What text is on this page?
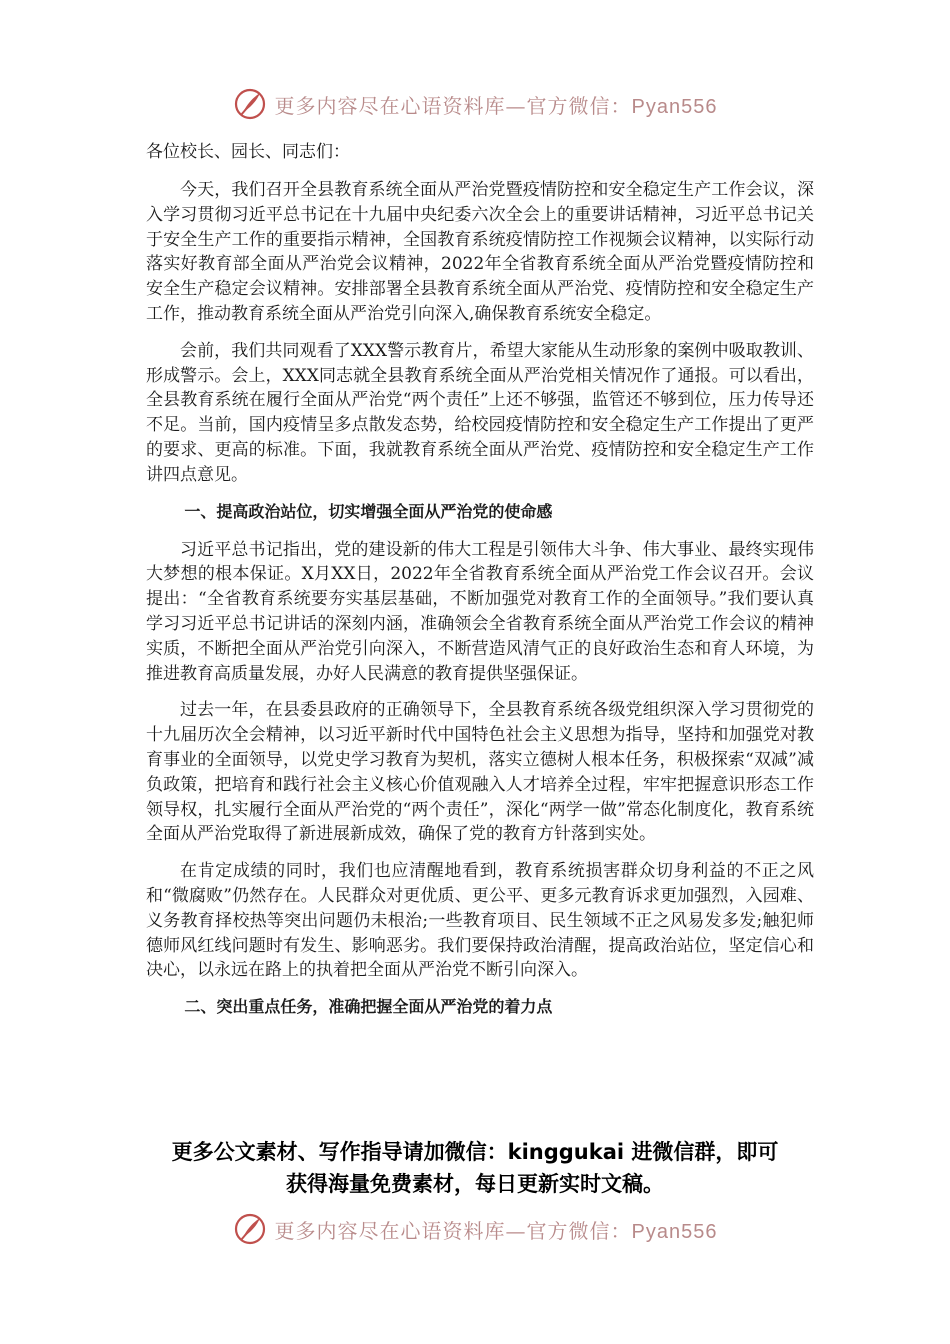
更多内容尽在心语资料库—官方微信：Pyan556
各位校长、园长、同志们：

今天，我们召开全县教育系统全面从严治党暨疫情防控和安全稳定生产工作会议，深入学习贯彻习近平总书记在十九届中央纪委六次全会上的重要讲话精神，习近平总书记关于安全生产工作的重要指示精神，全国教育系统疫情防控工作视频会议精神，以实际行动落实好教育部全面从严治党会议精神，2022年全省教育系统全面从严治党暨疫情防控和安全生产稳定会议精神。安排部署全县教育系统全面从严治党、疫情防控和安全稳定生产工作，推动教育系统全面从严治党引向深入,确保教育系统安全稳定。

会前，我们共同观看了XXX警示教育片，希望大家能从生动形象的案例中吸取教训、形成警示。会上，XXX同志就全县教育系统全面从严治党相关情况作了通报。可以看出，全县教育系统在履行全面从严治党“两个责任”上还不够强，监管还不够到位，压力传导还不足。当前，国内疫情呈多点散发态势，给校园疫情防控和安全稳定生产工作提出了更严的要求、更高的标准。下面，我就教育系统全面从严治党、疫情防控和安全稳定生产工作讲四点意见。

一、提高政治站位，切实增强全面从严治党的使命感

习近平总书记指出，党的建设新的伟大工程是引领伟大斗争、伟大事业、最终实现伟大梦想的根本保证。X月XX日，2022年全省教育系统全面从严治党工作会议召开。会议提出：“全省教育系统要夯实基层基础，不断加强党对教育工作的全面领导。”我们要认真学习习近平总书记讲话的深刻内涵，准确领会全省教育系统全面从严治党工作会议的精神实质，不断把全面从严治党引向深入，不断营造风清气正的良好政治生态和育人环境，为推进教育高质量发展，办好人民满意的教育提供坚强保证。

过去一年，在县委县政府的正确领导下，全县教育系统各级党组织深入学习贯彻党的十九届历次全会精神，以习近平新时代中国特色社会主义思想为指导，坚持和加强党对教育事业的全面领导，以党史学习教育为契机，落实立德树人根本任务，积极探索“双减”减负政策，把培育和践行社会主义核心价值观融入人才培养全过程，牢牢把握意识形态工作领导权，扎实履行全面从严治党的“两个责任”，深化“两学一做”常态化制度化，教育系统全面从严治党取得了新进展新成效，确保了党的教育方针落到实处。

在肯定成绩的同时，我们也应清醒地看到，教育系统损害群众切身利益的不正之风和“微腐败”仍然存在。人民群众对更优质、更公平、更多元教育诉求更加强烈，入园难、义务教育择校热等突出问题仍未根治;一些教育项目、民生领域不正之风易发多发;触犯师德师风红线问题时有发生、影响恶劣。我们要保持政治清醒，提高政治站位，坚定信心和决心，以永远在路上的执着把全面从严治党不断引向深入。

二、突出重点任务，准确把握全面从严治党的着力点
更多公文素材、写作指导请加微信：kinggukai 进微信群，即可
获得海量免费素材，每日更新实时文稿。
更多内容尽在心语资料库—官方微信：Pyan556
